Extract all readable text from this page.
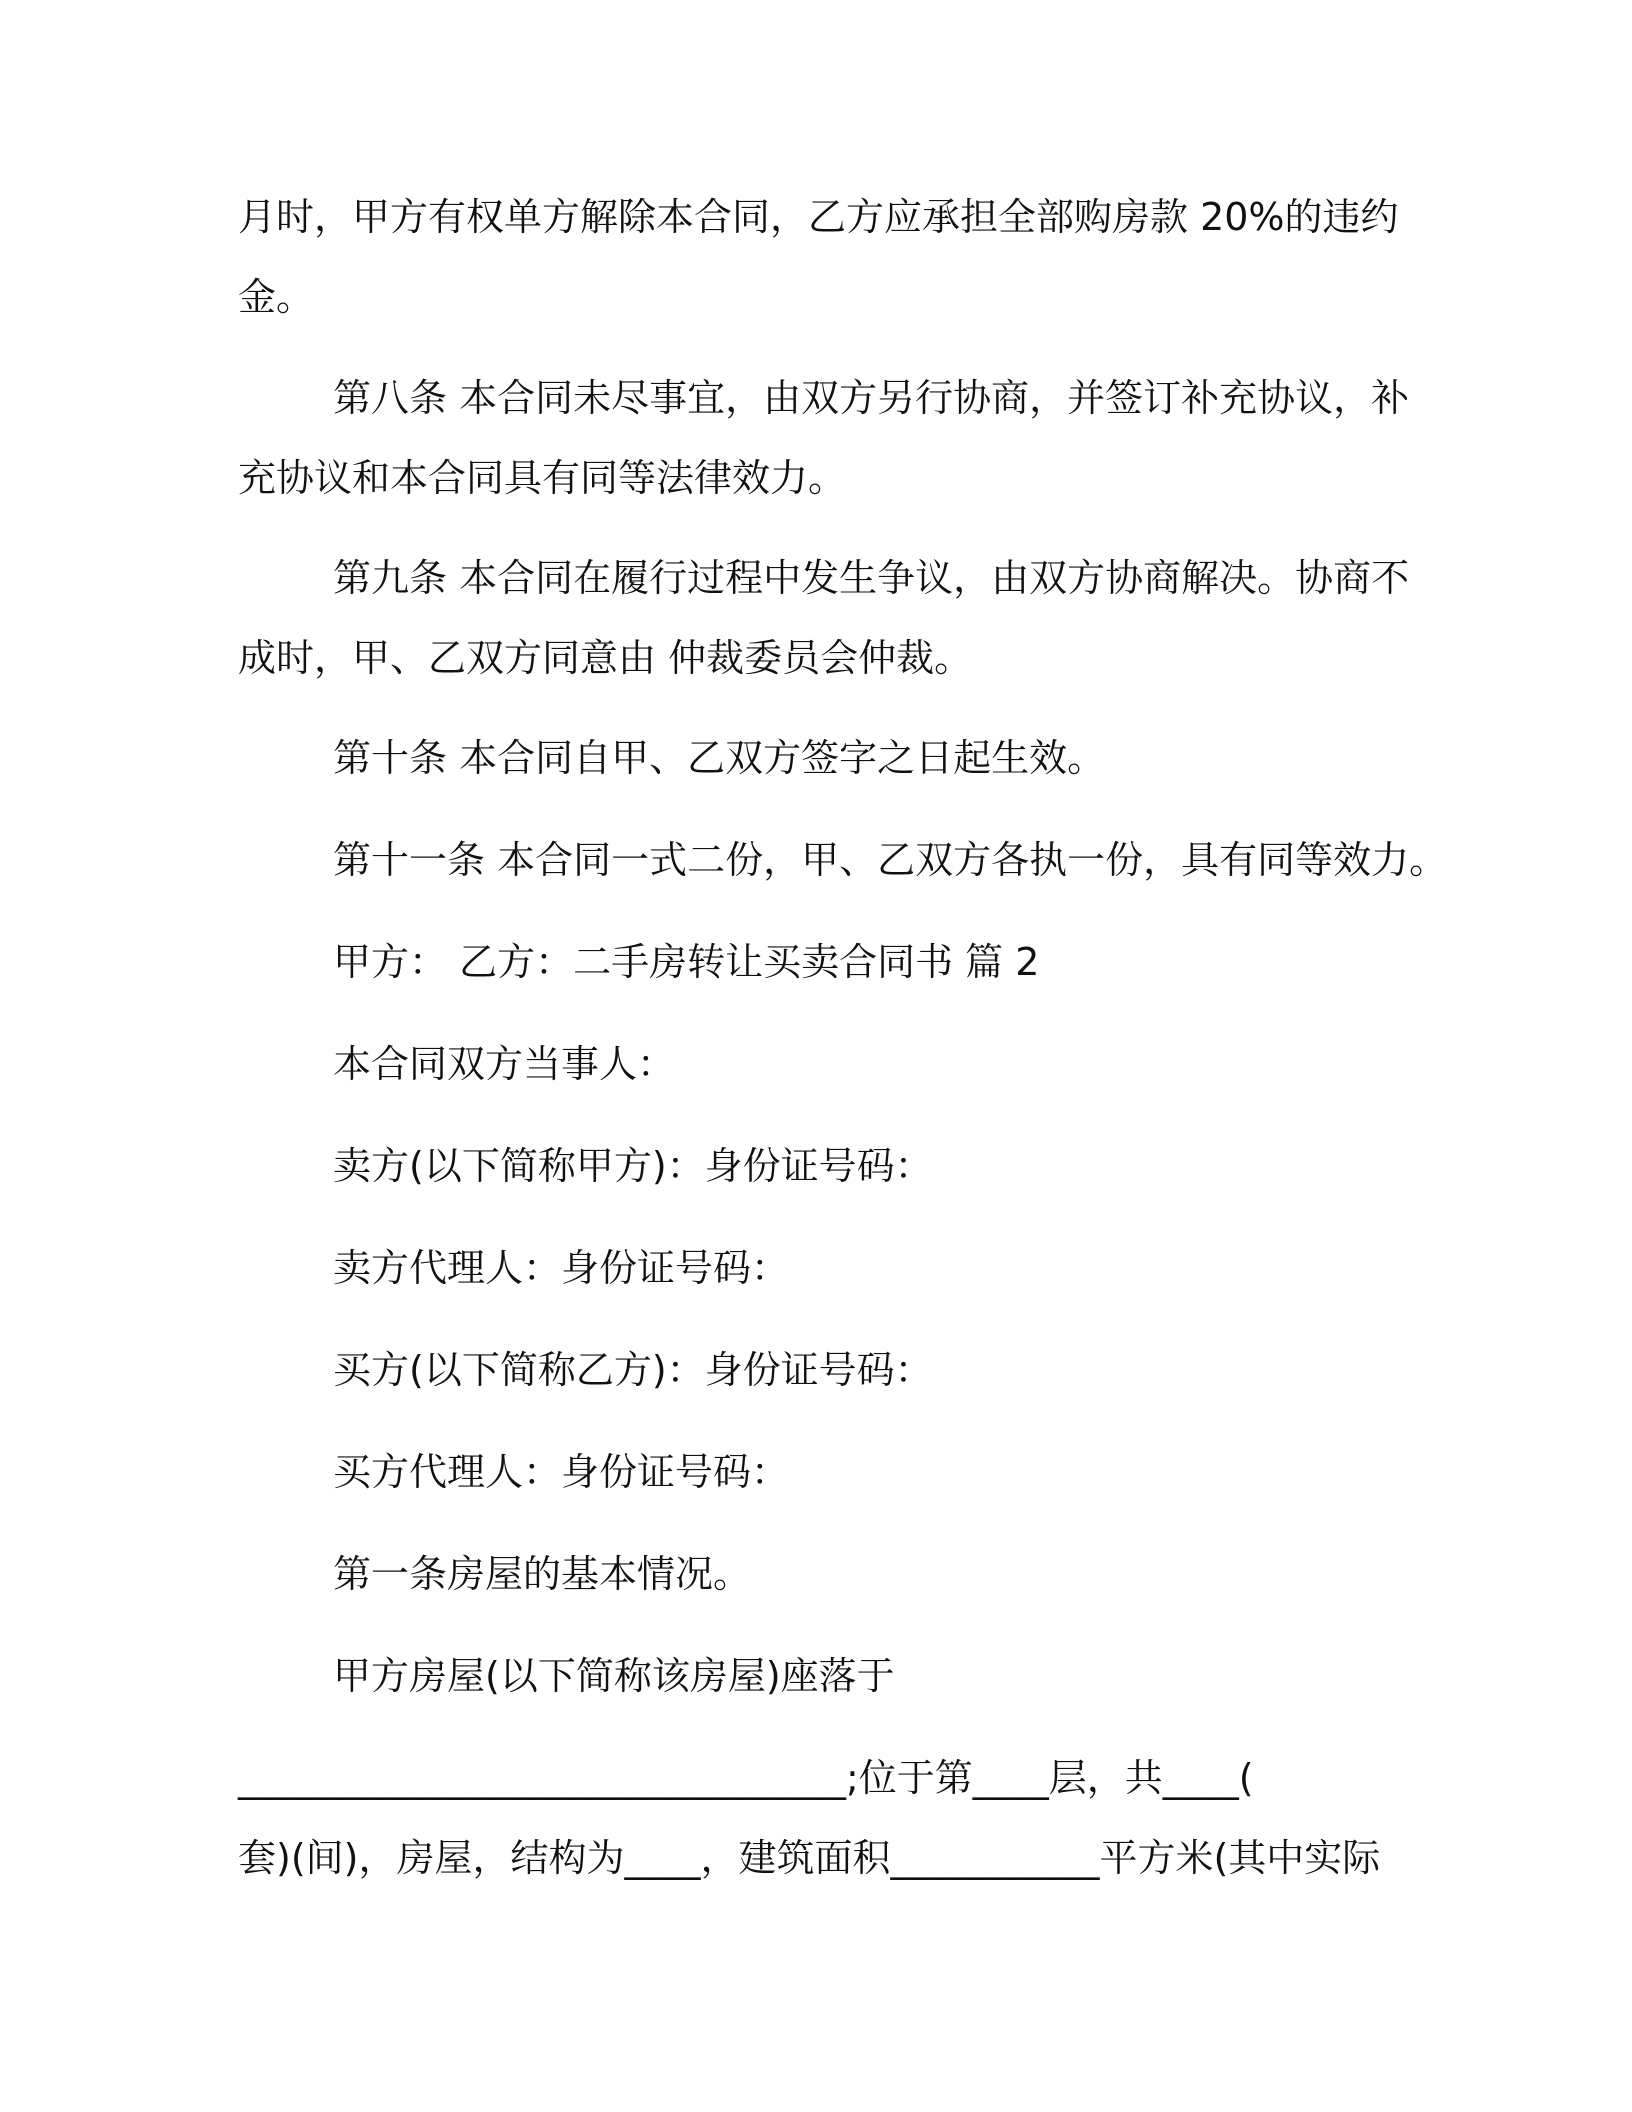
月时，甲方有权单方解除本合同，乙方应承担全部购房款 20%的违约
金。
第八条 本合同未尽事宜，由双方另行协商，并签订补充协议，补
充协议和本合同具有同等法律效力。
第九条 本合同在履行过程中发生争议，由双方协商解决。协商不
成时，甲、乙双方同意由 仲裁委员会仲裁。
第十条 本合同自甲、乙双方签字之日起生效。
第十一条 本合同一式二份，甲、乙双方各执一份，具有同等效力。
甲方： 乙方：二手房转让买卖合同书 篇 2
本合同双方当事人：
卖方(以下简称甲方)：身份证号码：
卖方代理人：身份证号码：
买方(以下简称乙方)：身份证号码：
买方代理人：身份证号码：
第一条房屋的基本情况。
甲方房屋(以下简称该房屋)座落于
________________________________;位于第____层，共____(
套)(间)，房屋，结构为____，建筑面积___________平方米(其中实际
